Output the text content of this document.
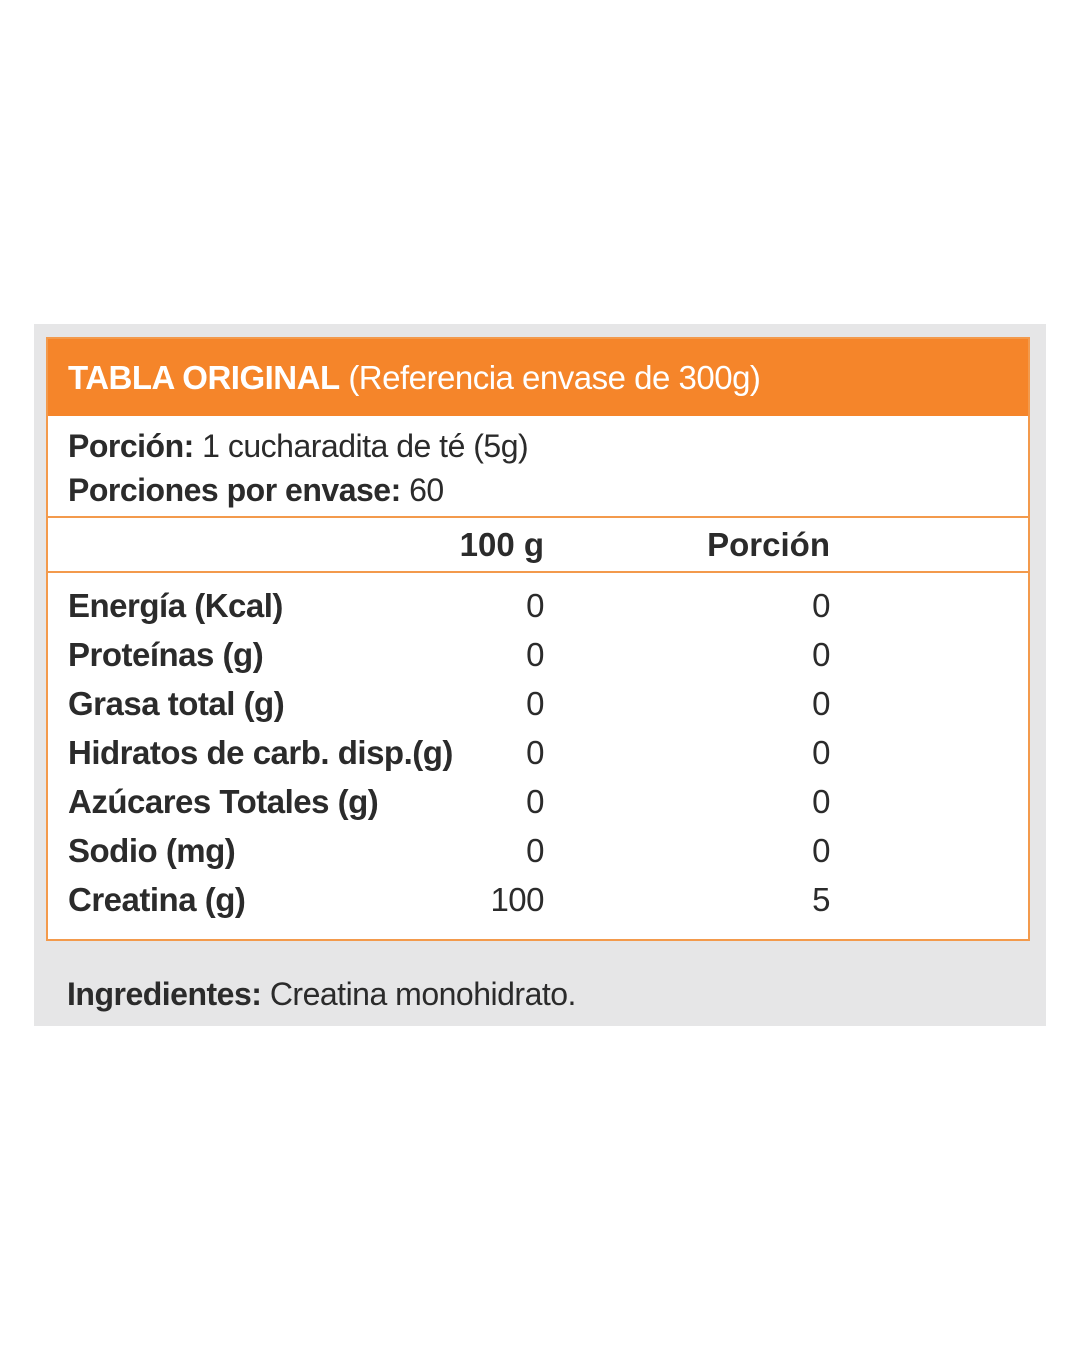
TABLA ORIGINAL (Referencia envase de 300g)
Porción: 1 cucharadita de té (5g)
Porciones por envase: 60
100 g	Porción
Energía (Kcal)	0	0
Proteínas (g)	0	0
Grasa total (g)	0	0
Hidratos de carb. disp.(g) 0	0
Azúcares Totales (g)	0	0
Sodio (mg)	0	0
Creatina (g)	100	5
Ingredientes: Creatina monohidrato.
